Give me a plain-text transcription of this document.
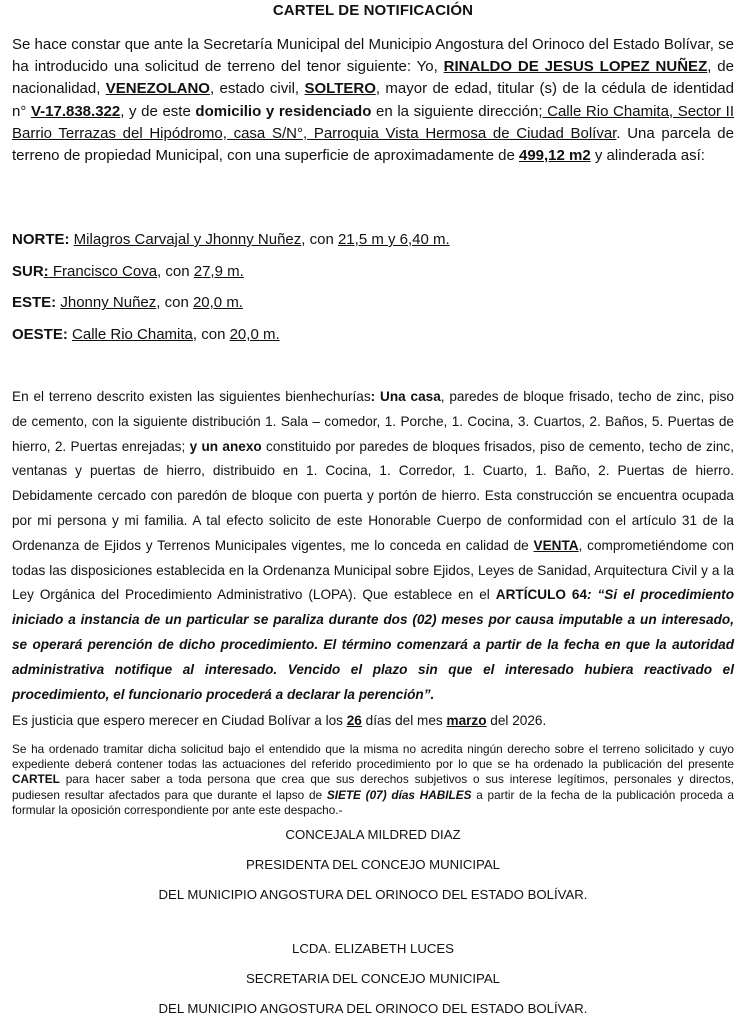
CARTEL DE NOTIFICACIÓN

Se hace constar que ante la Secretaría Municipal del Municipio Angostura del Orinoco del Estado Bolívar, se ha introducido una solicitud de terreno del tenor siguiente: Yo, RINALDO DE JESUS LOPEZ NUÑEZ, de nacionalidad, VENEZOLANO, estado civil, SOLTERO, mayor de edad, titular (s) de la cédula de identidad n° V-17.838.322, y de este domicilio y residenciado en la siguiente dirección; Calle Rio Chamita, Sector II Barrio Terrazas del Hipódromo, casa S/N°, Parroquia Vista Hermosa de Ciudad Bolívar. Una parcela de terreno de propiedad Municipal, con una superficie de aproximadamente de 499,12 m2 y alinderada así:

NORTE: Milagros Carvajal y Jhonny Nuñez, con 21,5 m y 6,40 m.
SUR: Francisco Cova, con 27,9 m.
ESTE: Jhonny Nuñez, con 20,0 m.
OESTE: Calle Rio Chamita, con 20,0 m.

En el terreno descrito existen las siguientes bienhechurías: Una casa, paredes de bloque frisado, techo de zinc, piso de cemento, con la siguiente distribución 1. Sala – comedor, 1. Porche, 1. Cocina, 3. Cuartos, 2. Baños, 5. Puertas de hierro, 2. Puertas enrejadas; y un anexo constituido por paredes de bloques frisados, piso de cemento, techo de zinc, ventanas y puertas de hierro, distribuido en 1. Cocina, 1. Corredor, 1. Cuarto, 1. Baño, 2. Puertas de hierro. Debidamente cercado con paredón de bloque con puerta y portón de hierro. Esta construcción se encuentra ocupada por mi persona y mi familia. A tal efecto solicito de este Honorable Cuerpo de conformidad con el artículo 31 de la Ordenanza de Ejidos y Terrenos Municipales vigentes, me lo conceda en calidad de VENTA, comprometiéndome con todas las disposiciones establecida en la Ordenanza Municipal sobre Ejidos, Leyes de Sanidad, Arquitectura Civil y a la Ley Orgánica del Procedimiento Administrativo (LOPA). Que establece en el ARTÍCULO 64: “Si el procedimiento iniciado a instancia de un particular se paraliza durante dos (02) meses por causa imputable a un interesado, se operará perención de dicho procedimiento. El término comenzará a partir de la fecha en que la autoridad administrativa notifique al interesado. Vencido el plazo sin que el interesado hubiera reactivado el procedimiento, el funcionario procederá a declarar la perención”.

Es justicia que espero merecer en Ciudad Bolívar a los 26 días del mes marzo del 2026.

Se ha ordenado tramitar dicha solicitud bajo el entendido que la misma no acredita ningún derecho sobre el terreno solicitado y cuyo expediente deberá contener todas las actuaciones del referido procedimiento por lo que se ha ordenado la publicación del presente CARTEL para hacer saber a toda persona que crea que sus derechos subjetivos o sus interese legítimos, personales y directos, pudiesen resultar afectados para que durante el lapso de SIETE (07) días HABILES a partir de la fecha de la publicación proceda a formular la oposición correspondiente por ante este despacho.-

CONCEJALA MILDRED DIAZ
PRESIDENTA DEL CONCEJO MUNICIPAL
DEL MUNICIPIO ANGOSTURA DEL ORINOCO DEL ESTADO BOLÍVAR.
LCDA. ELIZABETH LUCES
SECRETARIA DEL CONCEJO MUNICIPAL
DEL MUNICIPIO ANGOSTURA DEL ORINOCO DEL ESTADO BOLÍVAR.
